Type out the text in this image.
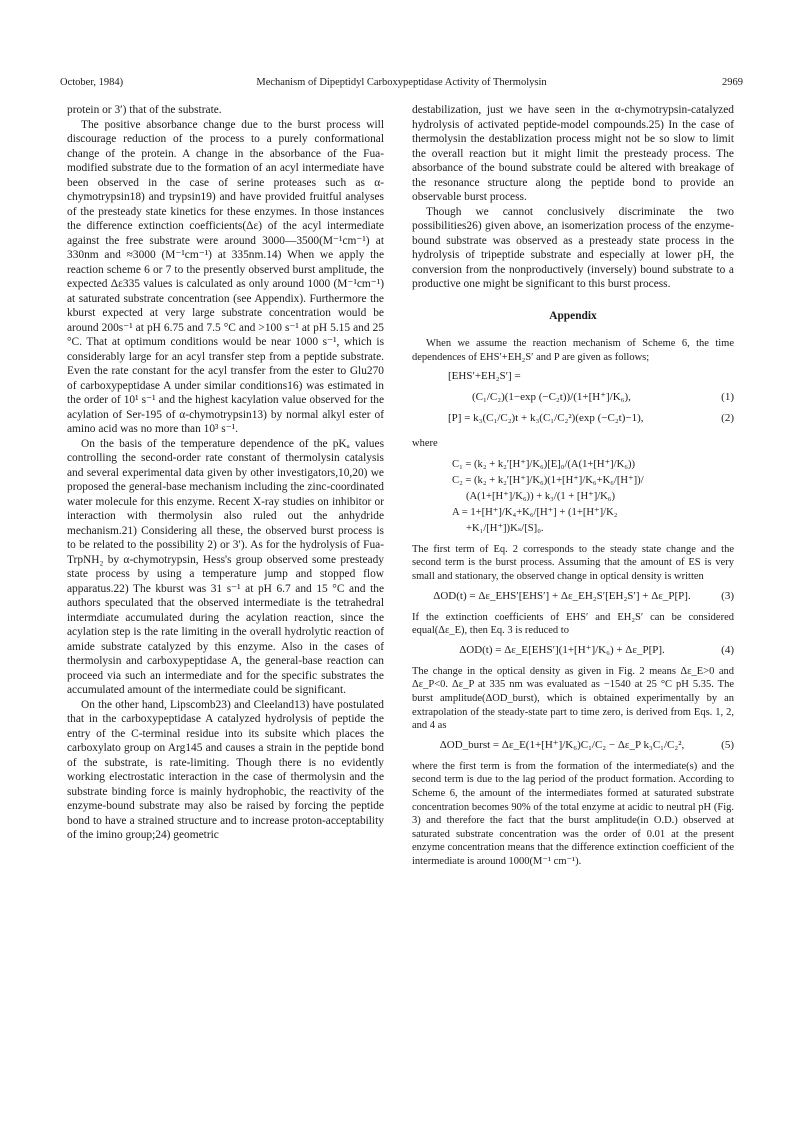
October, 1984)	Mechanism of Dipeptidyl Carboxypeptidase Activity of Thermolysin	2969

protein or 3′) that of the substrate.

The positive absorbance change due to the burst process will discourage reduction of the process to a purely conformational change of the protein. A change in the absorbance of the Fua-modified substrate due to the formation of an acyl intermediate have been observed in the case of serine proteases such as α-chymotrypsin18) and trypsin19) and have provided fruitful analyses of the presteady state kinetics for these enzymes. In those instances the difference extinction coefficients(Δε) of the acyl intermediate against the free substrate were around 3000—3500(M⁻¹cm⁻¹) at 330nm and ≈3000 (M⁻¹cm⁻¹) at 335nm.14) When we apply the reaction scheme 6 or 7 to the presently observed burst amplitude, the expected Δε335 values is calculated as only around 1000 (M⁻¹cm⁻¹) at saturated substrate concentration (see Appendix). Furthermore the kburst expected at very large substrate concentration would be around 200s⁻¹ at pH 6.75 and 7.5 °C and >100 s⁻¹ at pH 5.15 and 25 °C. That at optimum conditions would be near 1000 s⁻¹, which is considerably large for an acyl transfer step from a peptide substrate. Even the rate constant for the acyl transfer from the ester to Glu270 of carboxypeptidase A under similar conditions16) was estimated in the order of 10¹ s⁻¹ and the highest kacylation value observed for the acylation of Ser-195 of α-chymotrypsin13) by normal alkyl ester of amino acid was no more than 10³ s⁻¹.

On the basis of the temperature dependence of the pKₐ values controlling the second-order rate constant of thermolysin catalysis and several experimental data given by other investigators,10,20) we proposed the general-base mechanism including the zinc-coordinated water molecule for this enzyme. Recent X-ray studies on inhibitor or interaction with thermolysin also ruled out the anhydride mechanism.21) Considering all these, the observed burst process is to be related to the possibility 2) or 3′). As for the hydrolysis of Fua-TrpNH₂ by α-chymotrypsin, Hess's group observed some presteady state process by using a temperature jump and stopped flow apparatus.22) The kburst was 31 s⁻¹ at pH 6.7 and 15 °C and the authors speculated that the observed intermediate is the tetrahedral intermdiate accumulated during the acylation reaction, since the acylation step is the rate limiting in the overall hydrolytic reaction of amide substrate catalyzed by this enzyme. Also in the cases of thermolysin and carboxypeptidase A, the general-base reaction can proceed via such an intermediate and for the specific substrates the accumulated amount of the intermediate could be significant.

On the other hand, Lipscomb23) and Cleeland13) have postulated that in the carboxypeptidase A catalyzed hydrolysis of peptide the entry of the C-terminal residue into its subsite which places the carboxylato group on Arg145 and causes a strain in the peptide bond of the substrate, is rate-limiting. Though there is no evidently working electrostatic interaction in the case of thermolysin and the substrate binding force is mainly hydrophobic, the reactivity of the enzyme-bound substrate may also be raised by forcing the peptide bond to have a strained structure and to increase proton-acceptability of the imino group;24) geometric

destabilization, just we have seen in the α-chymotrypsin-catalyzed hydrolysis of activated peptide-model compounds.25) In the case of thermolysin the destablization process might not be so slow to limit the overall reaction but it might limit the presteady process. The absorbance of the bound substrate could be altered with breakage of the resonance structure along the peptide bond to provide an observable burst process.

Though we cannot conclusively discriminate the two possibilities26) given above, an isomerization process of the enzyme-bound substrate was observed as a presteady state process in the hydrolysis of tripeptide substrate and especially at lower pH, the conversion from the nonproductively (inversely) bound substrate to a productive one might be significant to this burst process.

Appendix

When we assume the reaction mechanism of Scheme 6, the time dependences of EHS′+EH₂S′ and P are given as follows;

[EHS′+EH₂S′] =
(C₁/C₂)(1−exp (−C₂t))/(1+[H⁺]/K₆),	(1)
[P] = k₃(C₁/C₂)t + k₃(C₁/C₂²)(exp (−C₂t)−1),	(2)
where
C₁ = (k₂ + k₂′[H⁺]/K₆)[E]₀/(A(1+[H⁺]/K₆))
C₂ = (k₂ + k₂′[H⁺]/K₆)(1+[H⁺]/K₆+K₆/[H⁺])/
(A(1+[H⁺]/K₆)) + k₃/(1 + [H⁺]/K₆)
A = 1+[H⁺]/K₄+K₆/[H⁺] + (1+[H⁺]/K₂
+K₁/[H⁺])Kₛ/[S]₀.

The first term of Eq. 2 corresponds to the steady state change and the second term is the burst process. Assuming that the amount of ES is very small and stationary, the observed change in optical density is written

ΔOD(t) = Δε_EHS′[EHS′] + Δε_EH₂S′[EH₂S′] + Δε_P[P].	(3)

If the extinction coefficients of EHS′ and EH₂S′ can be considered equal(Δε_E), then Eq. 3 is reduced to

ΔOD(t) = Δε_E[EHS′](1+[H⁺]/K₆) + Δε_P[P].	(4)

The change in the optical density as given in Fig. 2 means Δε_E>0 and Δε_P<0. Δε_P at 335 nm was evaluated as −1540 at 25 °C pH 5.35. The burst amplitude(ΔOD_burst), which is obtained experimentally by an extrapolation of the steady-state part to time zero, is derived from Eqs. 1, 2, and 4 as

ΔOD_burst = Δε_E(1+[H⁺]/K₆)C₁/C₂ − Δε_P k₃C₁/C₂²,	(5)

where the first term is from the formation of the intermediate(s) and the second term is due to the lag period of the product formation. According to Scheme 6, the amount of the intermediates formed at saturated substrate concentration becomes 90% of the total enzyme at acidic to neutral pH (Fig. 3) and therefore the fact that the burst amplitude(in O.D.) observed at saturated substrate concentration was the order of 0.01 at the present enzyme concentration means that the difference extinction coefficient of the intermediate is around 1000(M⁻¹ cm⁻¹).
